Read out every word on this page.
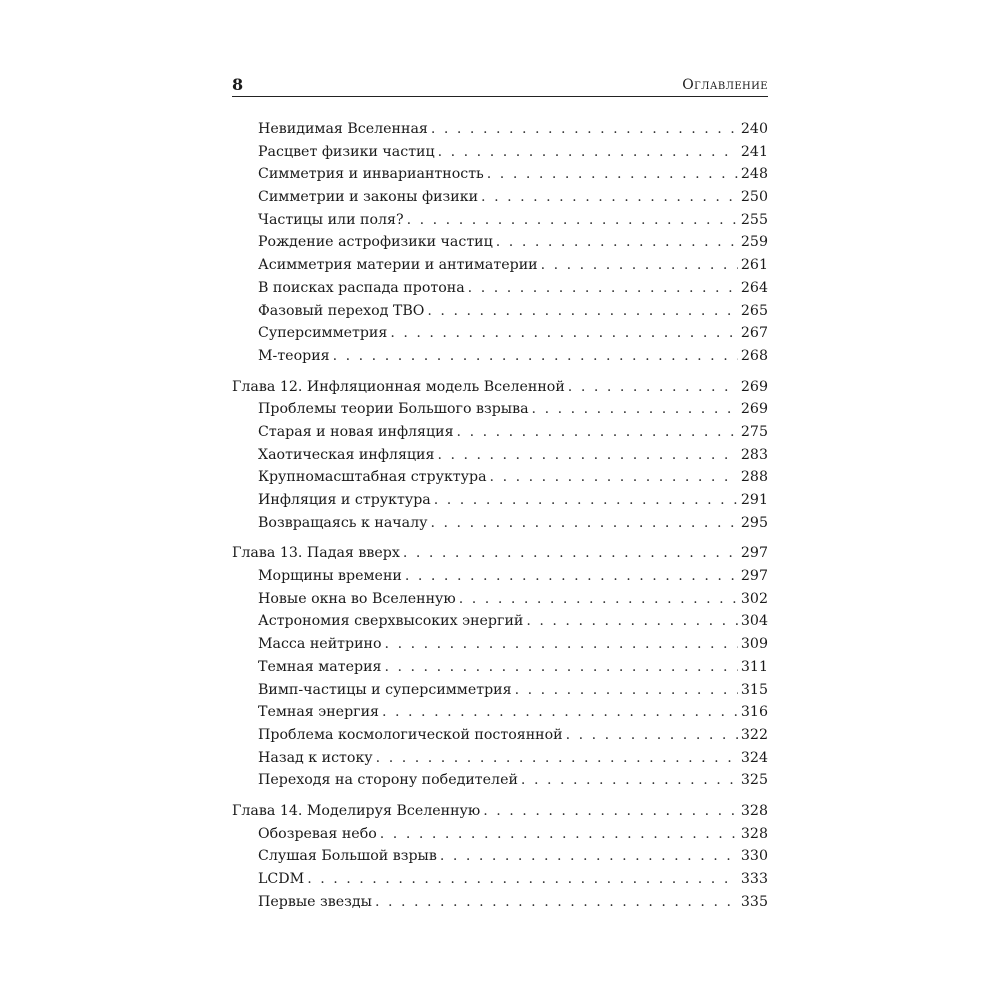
8	Оглавление
Невидимая Вселенная . . .	240
Расцвет физики частиц . . .	241
Симметрия и инвариантность . . .	248
Симметрии и законы физики . . .	250
Частицы или поля? . . .	255
Рождение астрофизики частиц . . .	259
Асимметрия материи и антиматерии . . .	261
В поисках распада протона . . .	264
Фазовый переход ТВО . . .	265
Суперсимметрия . . .	267
М-теория . . .	268
Глава 12. Инфляционная модель Вселенной . . .	269
Проблемы теории Большого взрыва . . .	269
Старая и новая инфляция . . .	275
Хаотическая инфляция . . .	283
Крупномасштабная структура . . .	288
Инфляция и структура . . .	291
Возвращаясь к началу . . .	295
Глава 13. Падая вверх . . .	297
Морщины времени . . .	297
Новые окна во Вселенную . . .	302
Астрономия сверхвысоких энергий . . .	304
Масса нейтрино . . .	309
Темная материя . . .	311
Вимп-частицы и суперсимметрия . . .	315
Темная энергия . . .	316
Проблема космологической постоянной . . .	322
Назад к истоку . . .	324
Переходя на сторону победителей . . .	325
Глава 14. Моделируя Вселенную . . .	328
Обозревая небо . . .	328
Слушая Большой взрыв . . .	330
LCDM . . .	333
Первые звезды . . .	335
